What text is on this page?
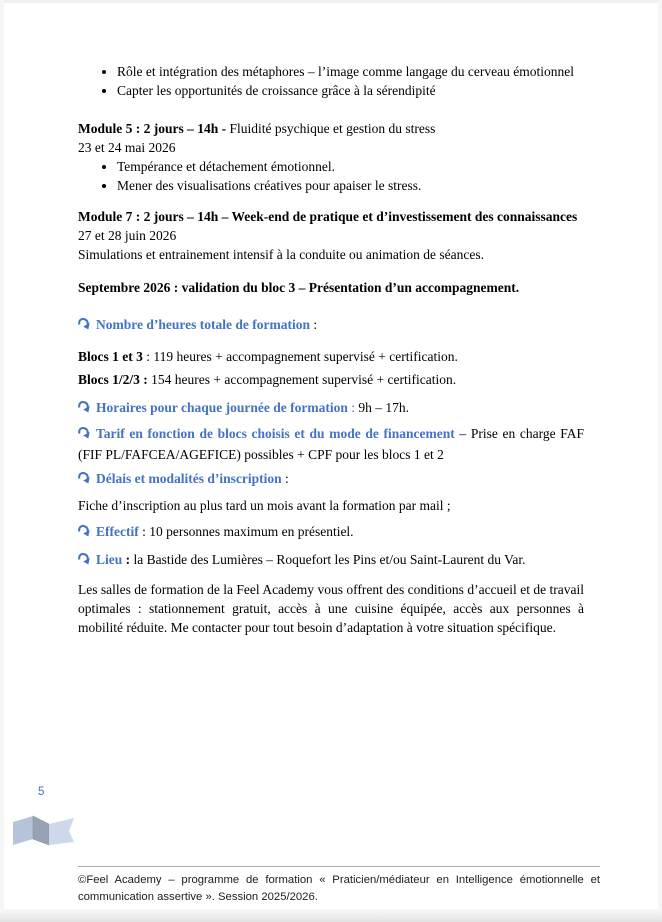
• Rôle et intégration des métaphores – l’image comme langage du cerveau émotionnel
• Capter les opportunités de croissance grâce à la sérendipité

Module 5 : 2 jours – 14h - Fluidité psychique et gestion du stress

23 et 24 mai 2026

• Tempérance et détachement émotionnel.
• Mener des visualisations créatives pour apaiser le stress.

Module 7 : 2 jours – 14h – Week-end de pratique et d’investissement des connaissances

27 et 28 juin 2026

Simulations et entrainement intensif à la conduite ou animation de séances.

Septembre 2026 : validation du bloc 3 – Présentation d’un accompagnement.

Nombre d’heures totale de formation :

Blocs 1 et 3 : 119 heures + accompagnement supervisé + certification.

Blocs 1/2/3 : 154 heures + accompagnement supervisé + certification.

Horaires pour chaque journée de formation : 9h – 17h.

Tarif en fonction de blocs choisis et du mode de financement – Prise en charge FAF (FIF PL/FAFCEA/AGEFICE) possibles + CPF pour les blocs 1 et 2

Délais et modalités d’inscription :

Fiche d’inscription au plus tard un mois avant la formation par mail ;

Effectif : 10 personnes maximum en présentiel.

Lieu : la Bastide des Lumières – Roquefort les Pins et/ou Saint-Laurent du Var.

Les salles de formation de la Feel Academy vous offrent des conditions d’accueil et de travail optimales : stationnement gratuit, accès à une cuisine équipée, accès aux personnes à mobilité réduite. Me contacter pour tout besoin d’adaptation à votre situation spécifique.

5

©Feel Academy – programme de formation « Praticien/médiateur en Intelligence émotionnelle et communication assertive ». Session 2025/2026.
